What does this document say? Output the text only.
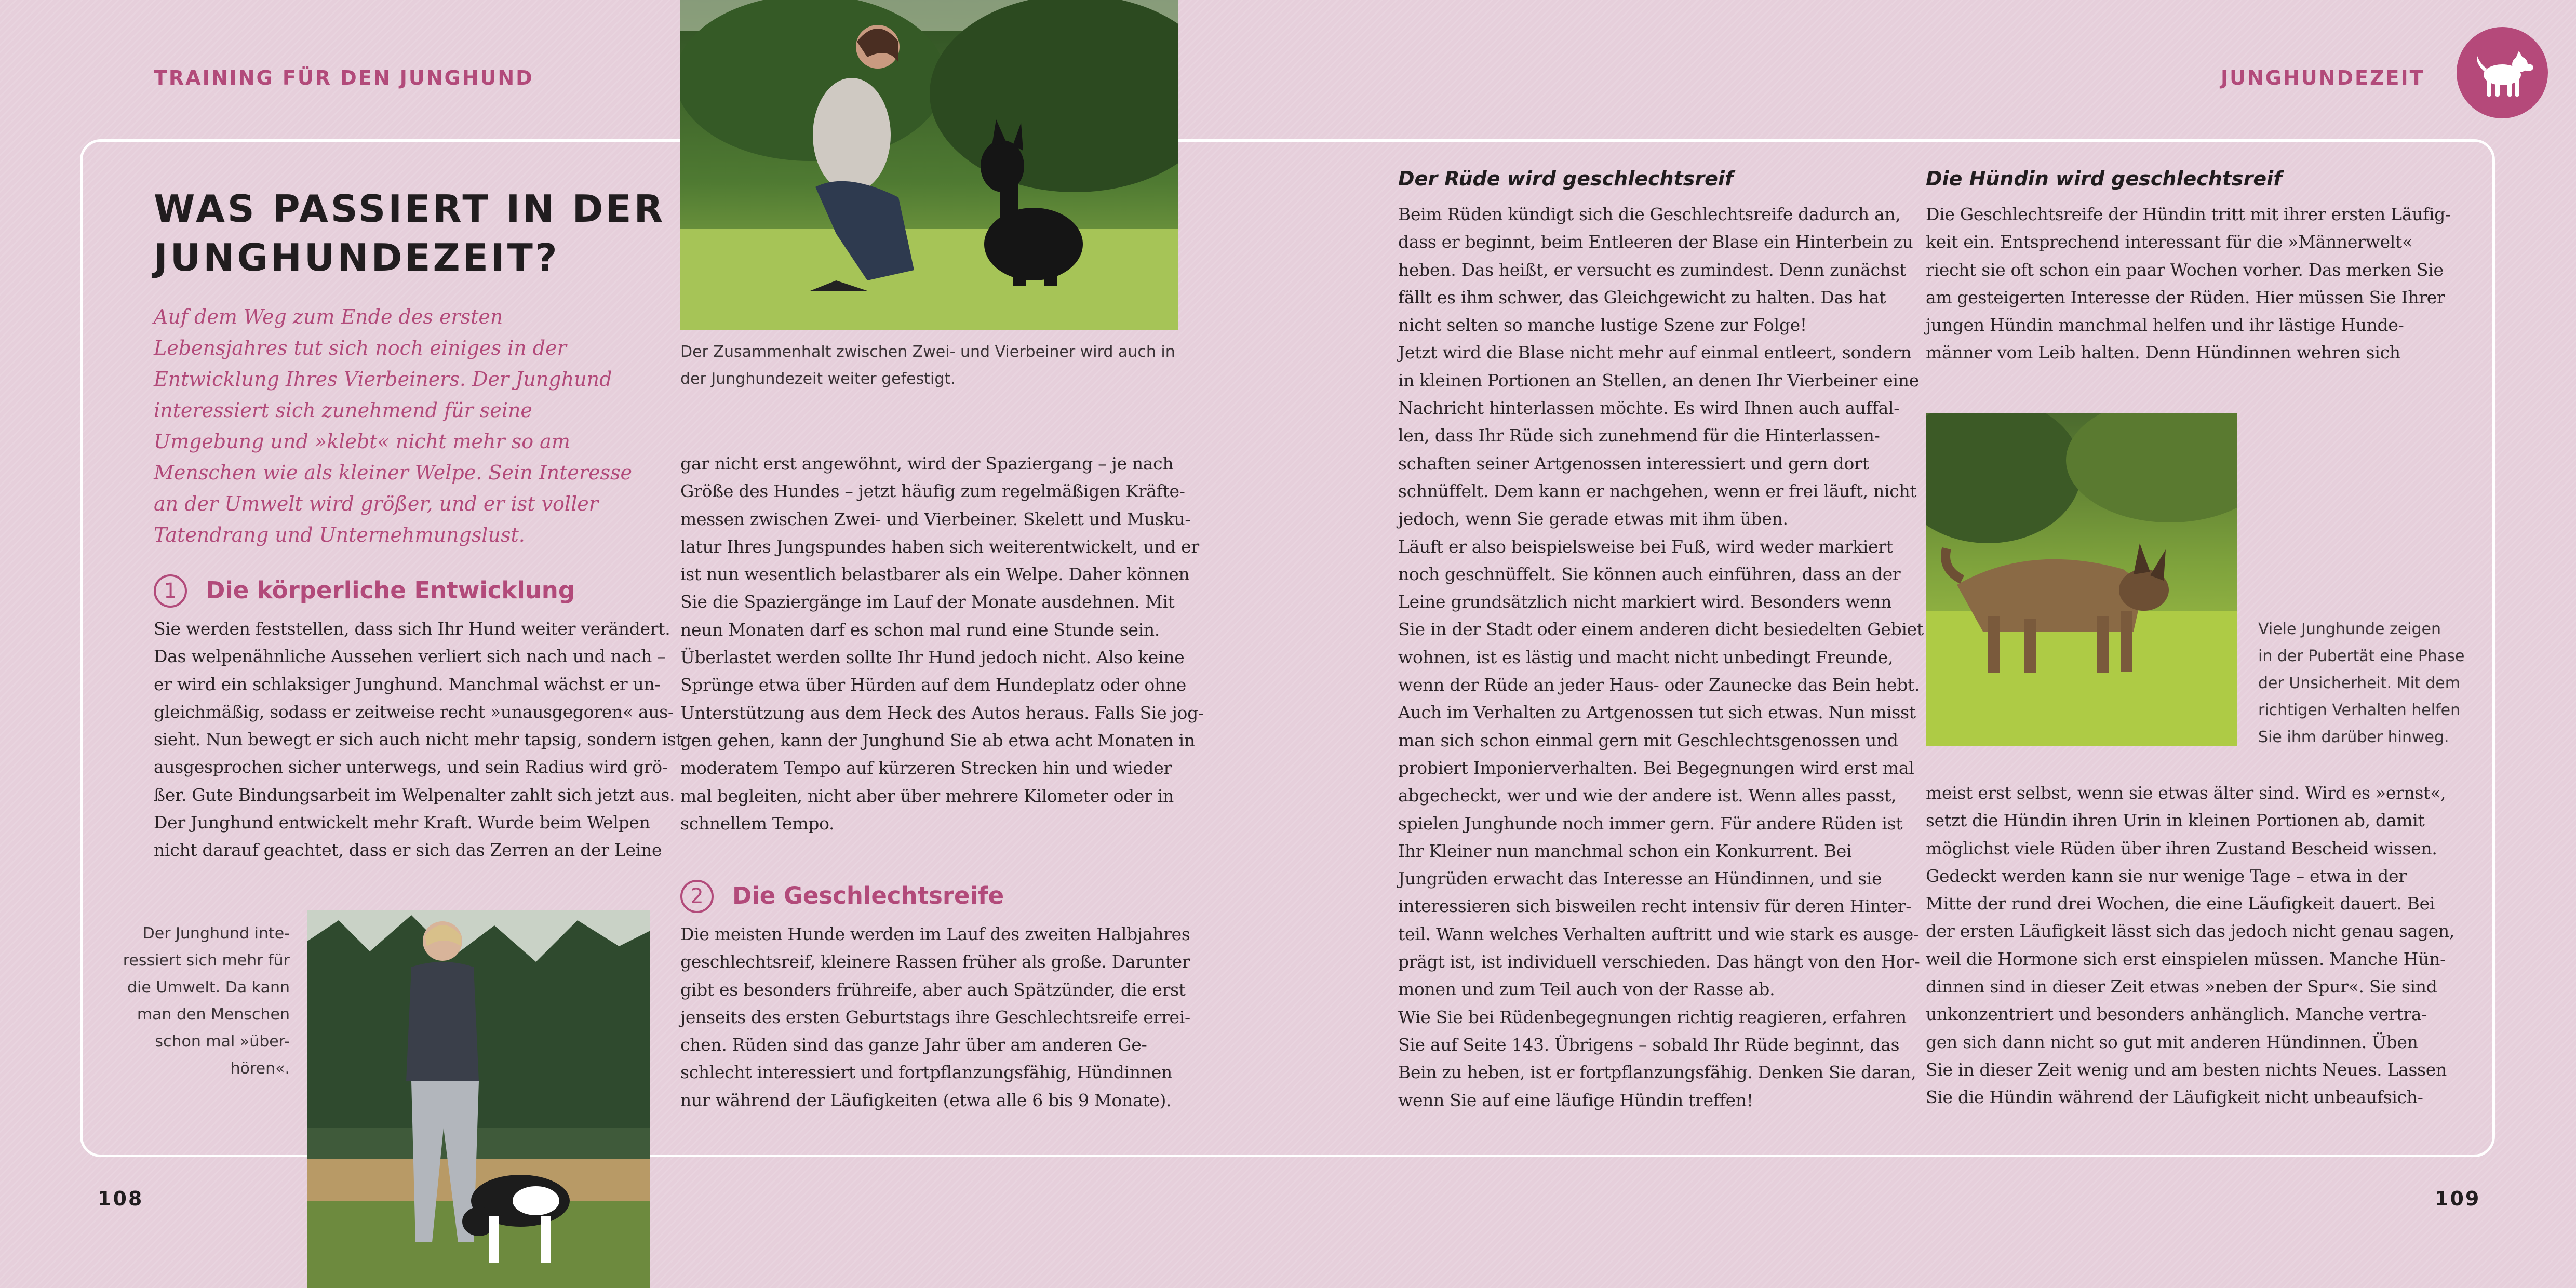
TRAINING FÜR DEN JUNGHUND	JUNGHUNDEZEIT
Der Zusammenhalt zwischen Zwei- und Vierbeiner wird auch in
der Junghundezeit weiter gefestigt.
Der Junghund inte-
ressiert sich mehr für
die Umwelt. Da kann
man den Menschen
schon mal »über-
hören«.
Viele Junghunde zeigen
in der Pubertät eine Phase
der Unsicherheit. Mit dem
richtigen Verhalten helfen
Sie ihm darüber hinweg.
WAS PASSIERT IN DER JUNGHUNDEZEIT?
Auf dem Weg zum Ende des ersten Lebensjahres tut sich noch einiges in der Entwicklung Ihres Vierbeiners. Der Junghund interessiert sich zunehmend für seine Umgebung und »klebt« nicht mehr so am Menschen wie als kleiner Welpe. Sein Interesse an der Umwelt wird größer, und er ist voller Tatendrang und Unternehmungslust.
1	Die körperliche Entwicklung
Sie werden feststellen, dass sich Ihr Hund weiter verändert.
Das welpenähnliche Aussehen verliert sich nach und nach –
er wird ein schlaksiger Junghund. Manchmal wächst er un-
gleichmäßig, sodass er zeitweise recht »unausgegoren« aus-
sieht. Nun bewegt er sich auch nicht mehr tapsig, sondern ist
ausgesprochen sicher unterwegs, und sein Radius wird grö-
ßer. Gute Bindungsarbeit im Welpenalter zahlt sich jetzt aus.
Der Junghund entwickelt mehr Kraft. Wurde beim Welpen
nicht darauf geachtet, dass er sich das Zerren an der Leine
gar nicht erst angewöhnt, wird der Spaziergang – je nach
Größe des Hundes – jetzt häufig zum regelmäßigen Kräfte-
messen zwischen Zwei- und Vierbeiner. Skelett und Musku-
latur Ihres Jungspundes haben sich weiterentwickelt, und er
ist nun wesentlich belastbarer als ein Welpe. Daher können
Sie die Spaziergänge im Lauf der Monate ausdehnen. Mit
neun Monaten darf es schon mal rund eine Stunde sein.
Überlastet werden sollte Ihr Hund jedoch nicht. Also keine
Sprünge etwa über Hürden auf dem Hundeplatz oder ohne
Unterstützung aus dem Heck des Autos heraus. Falls Sie jog-
gen gehen, kann der Junghund Sie ab etwa acht Monaten in
moderatem Tempo auf kürzeren Strecken hin und wieder
mal begleiten, nicht aber über mehrere Kilometer oder in
schnellem Tempo.
2	Die Geschlechtsreife
Die meisten Hunde werden im Lauf des zweiten Halbjahres
geschlechtsreif, kleinere Rassen früher als große. Darunter
gibt es besonders frühreife, aber auch Spätzünder, die erst
jenseits des ersten Geburtstags ihre Geschlechtsreife errei-
chen. Rüden sind das ganze Jahr über am anderen Ge-
schlecht interessiert und fortpflanzungsfähig, Hündinnen
nur während der Läufigkeiten (etwa alle 6 bis 9 Monate).
Der Rüde wird geschlechtsreif
Beim Rüden kündigt sich die Geschlechtsreife dadurch an,
dass er beginnt, beim Entleeren der Blase ein Hinterbein zu
heben. Das heißt, er versucht es zumindest. Denn zunächst
fällt es ihm schwer, das Gleichgewicht zu halten. Das hat
nicht selten so manche lustige Szene zur Folge!
Jetzt wird die Blase nicht mehr auf einmal entleert, sondern
in kleinen Portionen an Stellen, an denen Ihr Vierbeiner eine
Nachricht hinterlassen möchte. Es wird Ihnen auch auffal-
len, dass Ihr Rüde sich zunehmend für die Hinterlassen-
schaften seiner Artgenossen interessiert und gern dort
schnüffelt. Dem kann er nachgehen, wenn er frei läuft, nicht
jedoch, wenn Sie gerade etwas mit ihm üben.
Läuft er also beispielsweise bei Fuß, wird weder markiert
noch geschnüffelt. Sie können auch einführen, dass an der
Leine grundsätzlich nicht markiert wird. Besonders wenn
Sie in der Stadt oder einem anderen dicht besiedelten Gebiet
wohnen, ist es lästig und macht nicht unbedingt Freunde,
wenn der Rüde an jeder Haus- oder Zaunecke das Bein hebt.
Auch im Verhalten zu Artgenossen tut sich etwas. Nun misst
man sich schon einmal gern mit Geschlechtsgenossen und
probiert Imponierverhalten. Bei Begegnungen wird erst mal
abgecheckt, wer und wie der andere ist. Wenn alles passt,
spielen Junghunde noch immer gern. Für andere Rüden ist
Ihr Kleiner nun manchmal schon ein Konkurrent. Bei
Jungrüden erwacht das Interesse an Hündinnen, und sie
interessieren sich bisweilen recht intensiv für deren Hinter-
teil. Wann welches Verhalten auftritt und wie stark es ausge-
prägt ist, ist individuell verschieden. Das hängt von den Hor-
monen und zum Teil auch von der Rasse ab.
Wie Sie bei Rüdenbegegnungen richtig reagieren, erfahren
Sie auf Seite 143. Übrigens – sobald Ihr Rüde beginnt, das
Bein zu heben, ist er fortpflanzungsfähig. Denken Sie daran,
wenn Sie auf eine läufige Hündin treffen!
Die Hündin wird geschlechtsreif
Die Geschlechtsreife der Hündin tritt mit ihrer ersten Läufig-
keit ein. Entsprechend interessant für die »Männerwelt«
riecht sie oft schon ein paar Wochen vorher. Das merken Sie
am gesteigerten Interesse der Rüden. Hier müssen Sie Ihrer
jungen Hündin manchmal helfen und ihr lästige Hunde-
männer vom Leib halten. Denn Hündinnen wehren sich
meist erst selbst, wenn sie etwas älter sind. Wird es »ernst«,
setzt die Hündin ihren Urin in kleinen Portionen ab, damit
möglichst viele Rüden über ihren Zustand Bescheid wissen.
Gedeckt werden kann sie nur wenige Tage – etwa in der
Mitte der rund drei Wochen, die eine Läufigkeit dauert. Bei
der ersten Läufigkeit lässt sich das jedoch nicht genau sagen,
weil die Hormone sich erst einspielen müssen. Manche Hün-
dinnen sind in dieser Zeit etwas »neben der Spur«. Sie sind
unkonzentriert und besonders anhänglich. Manche vertra-
gen sich dann nicht so gut mit anderen Hündinnen. Üben
Sie in dieser Zeit wenig und am besten nichts Neues. Lassen
Sie die Hündin während der Läufigkeit nicht unbeaufsich-
108	109
